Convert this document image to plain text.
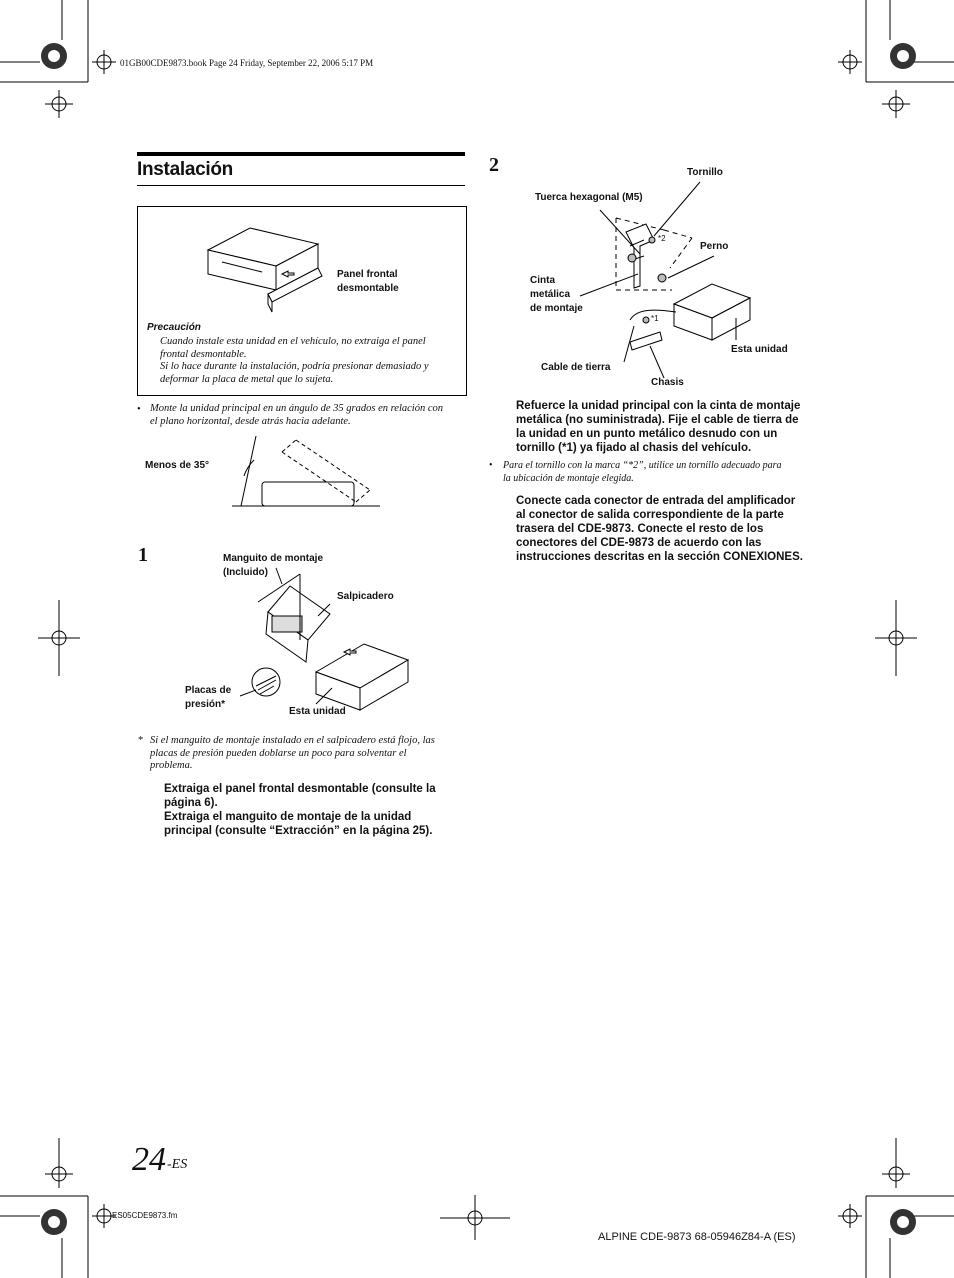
01GB00CDE9873.book Page 24 Friday, September 22, 2006 5:17 PM
Instalación
Panel frontal
desmontable
Precaución
Cuando instale esta unidad en el vehículo, no extraiga el panel
frontal desmontable.
Si lo hace durante la instalación, podría presionar demasiado y
deformar la placa de metal que lo sujeta.
• Monte la unidad principal en un ángulo de 35 grados en relación con
el plano horizontal, desde atrás hacia adelante.
Menos de 35°
1	Manguito de montaje
(Incluido)
Salpicadero
Placas de
presión*
Esta unidad
* Si el manguito de montaje instalado en el salpicadero está flojo, las
placas de presión pueden doblarse un poco para solventar el
problema.
Extraiga el panel frontal desmontable (consulte la
página 6).
Extraiga el manguito de montaje de la unidad
principal (consulte “Extracción” en la página 25).
2	Tornillo
Tuerca hexagonal (M5)
*2
Perno
Cinta
metálica
de montaje
*1
Esta unidad
Cable de tierra
Chasis
Refuerce la unidad principal con la cinta de montaje
metálica (no suministrada). Fije el cable de tierra de
la unidad en un punto metálico desnudo con un
tornillo (*1) ya fijado al chasis del vehículo.
• Para el tornillo con la marca “*2”, utilice un tornillo adecuado para
la ubicación de montaje elegida.
Conecte cada conector de entrada del amplificador
al conector de salida correspondiente de la parte
trasera del CDE-9873. Conecte el resto de los
conectores del CDE-9873 de acuerdo con las
instrucciones descritas en la sección CONEXIONES.
24 -ES
ES05CDE9873.fm
ALPINE CDE-9873 68-05946Z84-A (ES)
